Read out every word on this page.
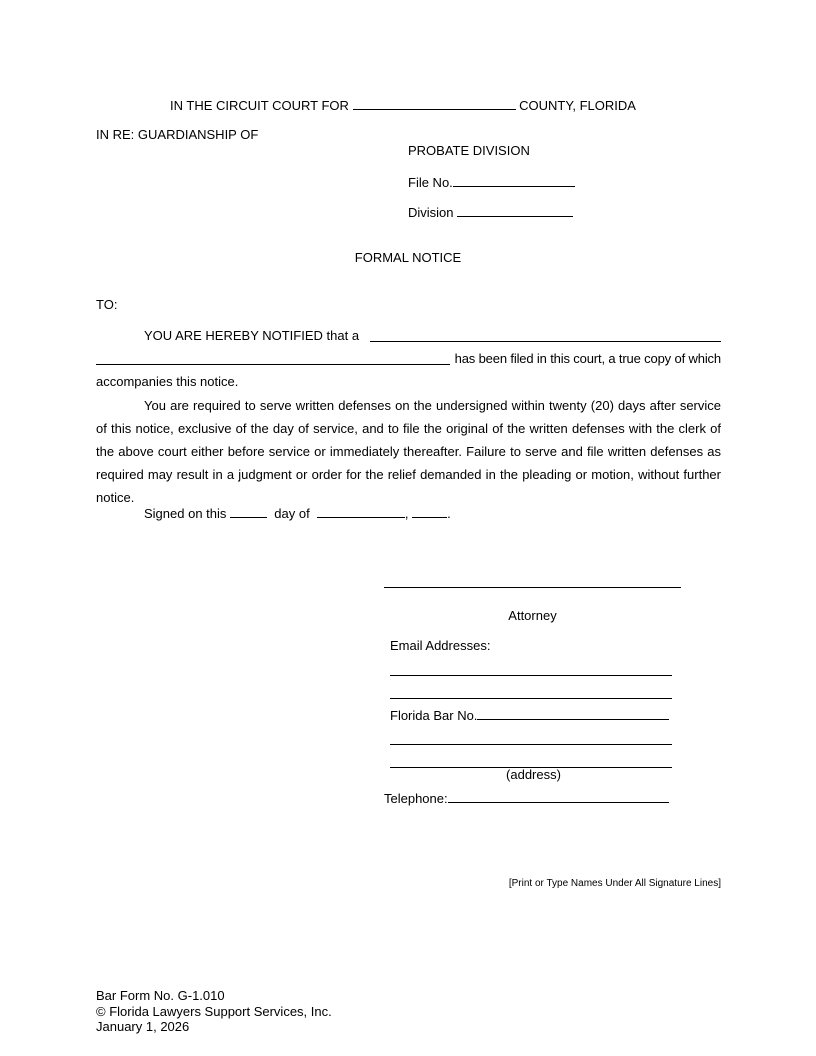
IN THE CIRCUIT COURT FOR	COUNTY, FLORIDA
IN RE: GUARDIANSHIP OF
PROBATE DIVISION
File No.
Division
FORMAL NOTICE
TO:
YOU ARE HEREBY NOTIFIED that a
has been filed in this court, a true copy of which
accompanies this notice.
You are required to serve written defenses on the undersigned within twenty (20) days after service of this notice, exclusive of the day of service, and to file the original of the written defenses with the clerk of the above court either before service or immediately thereafter. Failure to serve and file written defenses as required may result in a judgment or order for the relief demanded in the pleading or motion, without further notice.
Signed on this	day of	,	.
Attorney
Email Addresses:
Florida Bar No.
(address)
Telephone:
[Print or Type Names Under All Signature Lines]
Bar Form No. G-1.010
© Florida Lawyers Support Services, Inc.
January 1, 2026
